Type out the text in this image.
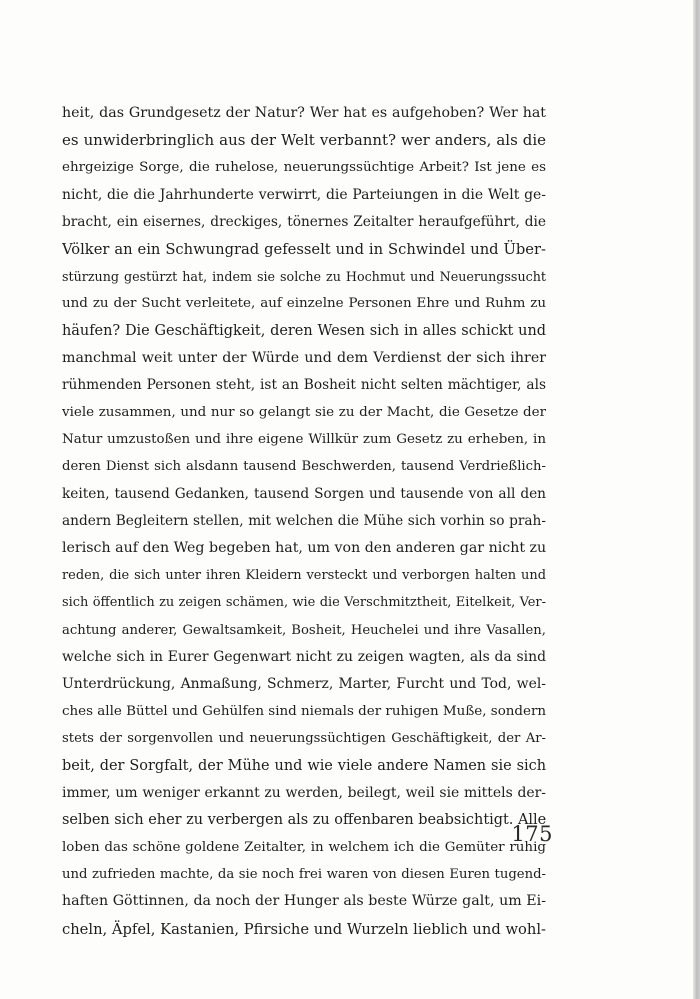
heit, das Grundgesetz der Natur? Wer hat es aufgehoben? Wer hat
es unwiderbringlich aus der Welt verbannt? wer anders, als die
ehrgeizige Sorge, die ruhelose, neuerungssüchtige Arbeit? Ist jene es
nicht, die die Jahrhunderte verwirrt, die Parteiungen in die Welt ge-
bracht, ein eisernes, dreckiges, tönernes Zeitalter heraufgeführt, die
Völker an ein Schwungrad gefesselt und in Schwindel und Über-
stürzung gestürzt hat, indem sie solche zu Hochmut und Neuerungssucht
und zu der Sucht verleitete, auf einzelne Personen Ehre und Ruhm zu
häufen? Die Geschäftigkeit, deren Wesen sich in alles schickt und
manchmal weit unter der Würde und dem Verdienst der sich ihrer
rühmenden Personen steht, ist an Bosheit nicht selten mächtiger, als
viele zusammen, und nur so gelangt sie zu der Macht, die Gesetze der
Natur umzustoßen und ihre eigene Willkür zum Gesetz zu erheben, in
deren Dienst sich alsdann tausend Beschwerden, tausend Verdrießlich-
keiten, tausend Gedanken, tausend Sorgen und tausende von all den
andern Begleitern stellen, mit welchen die Mühe sich vorhin so prah-
lerisch auf den Weg begeben hat, um von den anderen gar nicht zu
reden, die sich unter ihren Kleidern versteckt und verborgen halten und
sich öffentlich zu zeigen schämen, wie die Verschmitztheit, Eitelkeit, Ver-
achtung anderer, Gewaltsamkeit, Bosheit, Heuchelei und ihre Vasallen,
welche sich in Eurer Gegenwart nicht zu zeigen wagten, als da sind
Unterdrückung, Anmaßung, Schmerz, Marter, Furcht und Tod, wel-
ches alle Büttel und Gehülfen sind niemals der ruhigen Muße, sondern
stets der sorgenvollen und neuerungssüchtigen Geschäftigkeit, der Ar-
beit, der Sorgfalt, der Mühe und wie viele andere Namen sie sich
immer, um weniger erkannt zu werden, beilegt, weil sie mittels der-
selben sich eher zu verbergen als zu offenbaren beabsichtigt. Alle
loben das schöne goldene Zeitalter, in welchem ich die Gemüter ruhig
und zufrieden machte, da sie noch frei waren von diesen Euren tugend-
haften Göttinnen, da noch der Hunger als beste Würze galt, um Ei-
cheln, Äpfel, Kastanien, Pfirsiche und Wurzeln lieblich und wohl-
175
